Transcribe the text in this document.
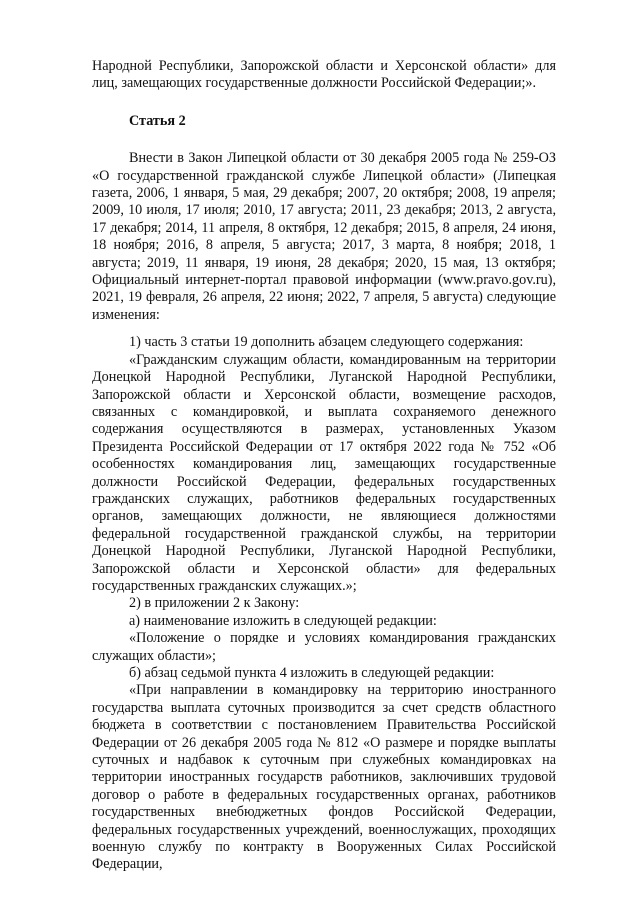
Народной Республики, Запорожской области и Херсонской области» для лиц, замещающих государственные должности Российской Федерации;».

Статья 2

Внести в Закон Липецкой области от 30 декабря 2005 года № 259-ОЗ «О государственной гражданской службе Липецкой области» (Липецкая газета, 2006, 1 января, 5 мая, 29 декабря; 2007, 20 октября; 2008, 19 апреля; 2009, 10 июля, 17 июля; 2010, 17 августа; 2011, 23 декабря; 2013, 2 августа, 17 декабря; 2014, 11 апреля, 8 октября, 12 декабря; 2015, 8 апреля, 24 июня, 18 ноября; 2016, 8 апреля, 5 августа; 2017, 3 марта, 8 ноября; 2018, 1 августа; 2019, 11 января, 19 июня, 28 декабря; 2020, 15 мая, 13 октября; Официальный интернет-портал правовой информации (www.pravo.gov.ru), 2021, 19 февраля, 26 апреля, 22 июня; 2022, 7 апреля, 5 августа) следующие изменения:

1) часть 3 статьи 19 дополнить абзацем следующего содержания:

«Гражданским служащим области, командированным на территории Донецкой Народной Республики, Луганской Народной Республики, Запорожской области и Херсонской области, возмещение расходов, связанных с командировкой, и выплата сохраняемого денежного содержания осуществляются в размерах, установленных Указом Президента Российской Федерации от 17 октября 2022 года № 752 «Об особенностях командирования лиц, замещающих государственные должности Российской Федерации, федеральных государственных гражданских служащих, работников федеральных государственных органов, замещающих должности, не являющиеся должностями федеральной государственной гражданской службы, на территории Донецкой Народной Республики, Луганской Народной Республики, Запорожской области и Херсонской области» для федеральных государственных гражданских служащих.»;

2) в приложении 2 к Закону:

а) наименование изложить в следующей редакции:

«Положение о порядке и условиях командирования гражданских служащих области»;

б) абзац седьмой пункта 4 изложить в следующей редакции:

«При направлении в командировку на территорию иностранного государства выплата суточных производится за счет средств областного бюджета в соответствии с постановлением Правительства Российской Федерации от 26 декабря 2005 года № 812 «О размере и порядке выплаты суточных и надбавок к суточным при служебных командировках на территории иностранных государств работников, заключивших трудовой договор о работе в федеральных государственных органах, работников государственных внебюджетных фондов Российской Федерации, федеральных государственных учреждений, военнослужащих, проходящих военную службу по контракту в Вооруженных Силах Российской Федерации,
